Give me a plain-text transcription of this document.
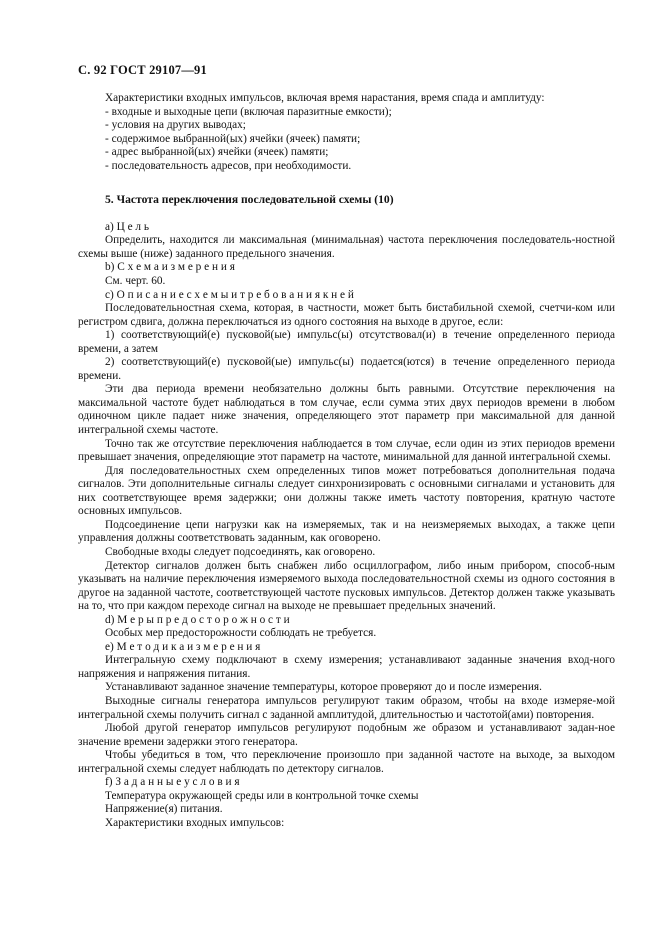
С. 92 ГОСТ 29107—91

Характеристики входных импульсов, включая время нарастания, время спада и амплитуду:

- входные и выходные цепи (включая паразитные емкости);

- условия на других выводах;

- содержимое выбранной(ых) ячейки (ячеек) памяти;

- адрес выбранной(ых) ячейки (ячеек) памяти;

- последовательность адресов, при необходимости.

5. Частота переключения последовательной схемы (10)

а) Ц е л ь

Определить, находится ли максимальная (минимальная) частота переключения последователь-ностной схемы выше (ниже) заданного предельного значения.

b) С х е м а и з м е р е н и я

См. черт. 60.

с) О п и с а н и е с х е м ы и т р е б о в а н и я к н е й

Последовательностная схема, которая, в частности, может быть бистабильной схемой, счетчи-ком или регистром сдвига, должна переключаться из одного состояния на выходе в другое, если:

1) соответствующий(е) пусковой(ые) импульс(ы) отсутствовал(и) в течение определенного периода времени, а затем

2) соответствующий(е) пусковой(ые) импульс(ы) подается(ются) в течение определенного периода времени.

Эти два периода времени необязательно должны быть равными. Отсутствие переключения на максимальной частоте будет наблюдаться в том случае, если сумма этих двух периодов времени в любом одиночном цикле падает ниже значения, определяющего этот параметр при максимальной для данной интегральной схемы частоте.

Точно так же отсутствие переключения наблюдается в том случае, если один из этих периодов времени превышает значения, определяющие этот параметр на частоте, минимальной для данной интегральной схемы.

Для последовательностных схем определенных типов может потребоваться дополнительная подача сигналов. Эти дополнительные сигналы следует синхронизировать с основными сигналами и установить для них соответствующее время задержки; они должны также иметь частоту повторения, кратную частоте основных импульсов.

Подсоединение цепи нагрузки как на измеряемых, так и на неизмеряемых выходах, а также цепи управления должны соответствовать заданным, как оговорено.

Свободные входы следует подсоединять, как оговорено.

Детектор сигналов должен быть снабжен либо осциллографом, либо иным прибором, способ-ным указывать на наличие переключения измеряемого выхода последовательностной схемы из одного состояния в другое на заданной частоте, соответствующей частоте пусковых импульсов. Детектор должен также указывать на то, что при каждом переходе сигнал на выходе не превышает предельных значений.

d) М е р ы п р е д о с т о р о ж н о с т и

Особых мер предосторожности соблюдать не требуется.

е) М е т о д и к а и з м е р е н и я

Интегральную схему подключают в схему измерения; устанавливают заданные значения вход-ного напряжения и напряжения питания.

Устанавливают заданное значение температуры, которое проверяют до и после измерения.

Выходные сигналы генератора импульсов регулируют таким образом, чтобы на входе измеряе-мой интегральной схемы получить сигнал с заданной амплитудой, длительностью и частотой(ами) повторения.

Любой другой генератор импульсов регулируют подобным же образом и устанавливают задан-ное значение времени задержки этого генератора.

Чтобы убедиться в том, что переключение произошло при заданной частоте на выходе, за выходом интегральной схемы следует наблюдать по детектору сигналов.

f) З а д а н н ы е у с л о в и я

Температура окружающей среды или в контрольной точке схемы

Напряжение(я) питания.

Характеристики входных импульсов:
